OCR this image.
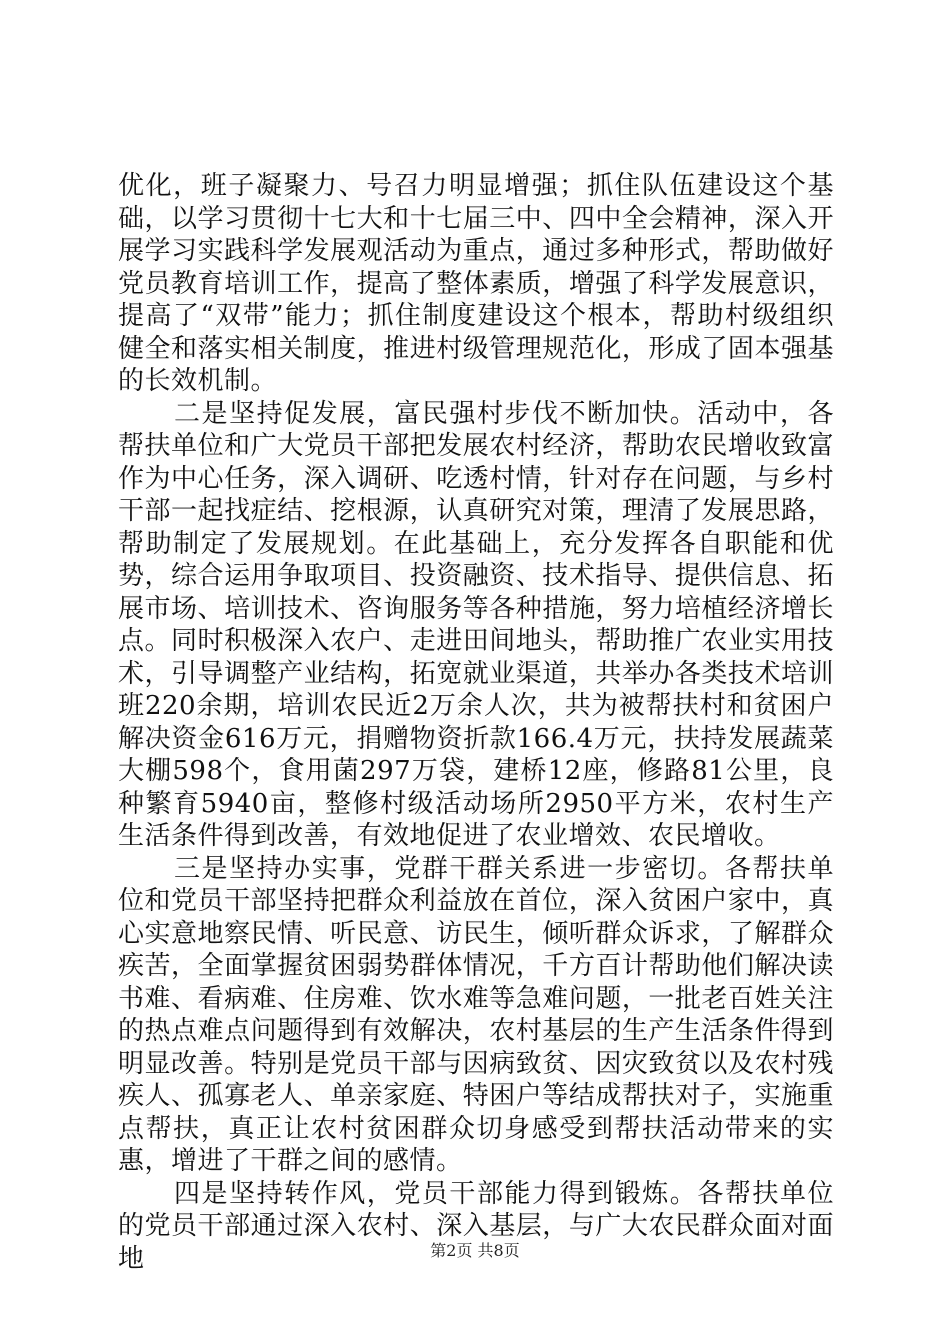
优化，班子凝聚力、号召力明显增强；抓住队伍建设这个基础，以学习贯彻十七大和十七届三中、四中全会精神，深入开展学习实践科学发展观活动为重点，通过多种形式，帮助做好党员教育培训工作，提高了整体素质，增强了科学发展意识，提高了“双带”能力；抓住制度建设这个根本，帮助村级组织健全和落实相关制度，推进村级管理规范化，形成了固本强基的长效机制。

二是坚持促发展，富民强村步伐不断加快。活动中，各帮扶单位和广大党员干部把发展农村经济，帮助农民增收致富作为中心任务，深入调研、吃透村情，针对存在问题，与乡村干部一起找症结、挖根源，认真研究对策，理清了发展思路，帮助制定了发展规划。在此基础上，充分发挥各自职能和优势，综合运用争取项目、投资融资、技术指导、提供信息、拓展市场、培训技术、咨询服务等各种措施，努力培植经济增长点。同时积极深入农户、走进田间地头，帮助推广农业实用技术，引导调整产业结构，拓宽就业渠道，共举办各类技术培训班220余期，培训农民近2万余人次，共为被帮扶村和贫困户解决资金616万元，捐赠物资折款166.4万元，扶持发展蔬菜大棚598个，食用菌297万袋，建桥12座，修路81公里，良种繁育5940亩，整修村级活动场所2950平方米，农村生产生活条件得到改善，有效地促进了农业增效、农民增收。

三是坚持办实事，党群干群关系进一步密切。各帮扶单位和党员干部坚持把群众利益放在首位，深入贫困户家中，真心实意地察民情、听民意、访民生，倾听群众诉求，了解群众疾苦，全面掌握贫困弱势群体情况，千方百计帮助他们解决读书难、看病难、住房难、饮水难等急难问题，一批老百姓关注的热点难点问题得到有效解决，农村基层的生产生活条件得到明显改善。特别是党员干部与因病致贫、因灾致贫以及农村残疾人、孤寡老人、单亲家庭、特困户等结成帮扶对子，实施重点帮扶，真正让农村贫困群众切身感受到帮扶活动带来的实惠，增进了干群之间的感情。

四是坚持转作风，党员干部能力得到锻炼。各帮扶单位的党员干部通过深入农村、深入基层，与广大农民群众面对面地	第2页 共8页
